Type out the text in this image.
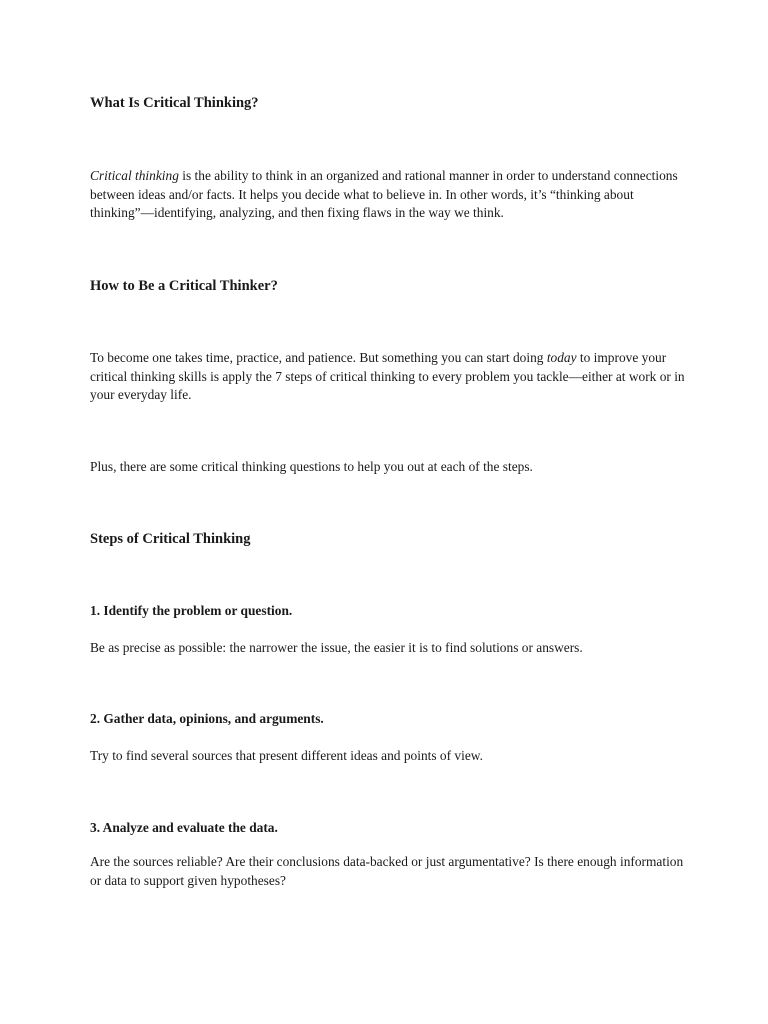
What Is Critical Thinking?

Critical thinking is the ability to think in an organized and rational manner in order to understand connections between ideas and/or facts. It helps you decide what to believe in. In other words, it’s “thinking about thinking”—identifying, analyzing, and then fixing flaws in the way we think.

How to Be a Critical Thinker?

To become one takes time, practice, and patience. But something you can start doing today to improve your critical thinking skills is apply the 7 steps of critical thinking to every problem you tackle—either at work or in your everyday life.

Plus, there are some critical thinking questions to help you out at each of the steps.

Steps of Critical Thinking
1. Identify the problem or question.

Be as precise as possible: the narrower the issue, the easier it is to find solutions or answers.

2. Gather data, opinions, and arguments.

Try to find several sources that present different ideas and points of view.

3. Analyze and evaluate the data.

Are the sources reliable? Are their conclusions data-backed or just argumentative? Is there enough information or data to support given hypotheses?
